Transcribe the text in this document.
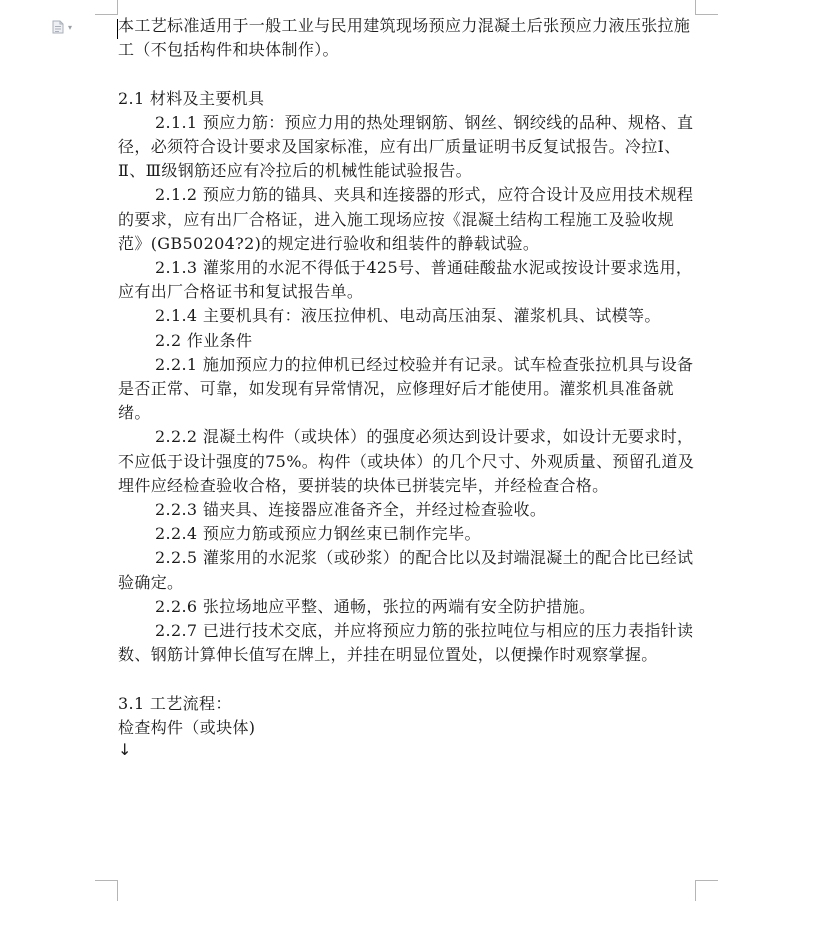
▾	本工艺标准适用于一般工业与民用建筑现场预应力混凝土后张预应力液压张拉施工（不包括构件和块体制作）。

2.1 材料及主要机具

2.1.1 预应力筋：预应力用的热处理钢筋、钢丝、钢绞线的品种、规格、直径，必须符合设计要求及国家标准，应有出厂质量证明书反复试报告。冷拉Ⅰ、Ⅱ、Ⅲ级钢筋还应有冷拉后的机械性能试验报告。

2.1.2 预应力筋的锚具、夹具和连接器的形式，应符合设计及应用技术规程的要求，应有出厂合格证，进入施工现场应按《混凝土结构工程施工及验收规范》(GB50204?2)的规定进行验收和组装件的静载试验。

2.1.3 灌浆用的水泥不得低于425号、普通硅酸盐水泥或按设计要求选用，应有出厂合格证书和复试报告单。

2.1.4 主要机具有：液压拉伸机、电动高压油泵、灌浆机具、试模等。

2.2 作业条件

2.2.1 施加预应力的拉伸机已经过校验并有记录。试车检查张拉机具与设备是否正常、可靠，如发现有异常情况，应修理好后才能使用。灌浆机具准备就绪。

2.2.2 混凝土构件（或块体）的强度必须达到设计要求，如设计无要求时，不应低于设计强度的75%。构件（或块体）的几个尺寸、外观质量、预留孔道及埋件应经检查验收合格，要拼装的块体已拼装完毕，并经检查合格。

2.2.3 锚夹具、连接器应准备齐全，并经过检查验收。

2.2.4 预应力筋或预应力钢丝束已制作完毕。

2.2.5 灌浆用的水泥浆（或砂浆）的配合比以及封端混凝土的配合比已经试验确定。

2.2.6 张拉场地应平整、通畅，张拉的两端有安全防护措施。

2.2.7 已进行技术交底，并应将预应力筋的张拉吨位与相应的压力表指针读数、钢筋计算伸长值写在牌上，并挂在明显位置处，以便操作时观察掌握。

3.1 工艺流程：

检查构件（或块体)

↓
